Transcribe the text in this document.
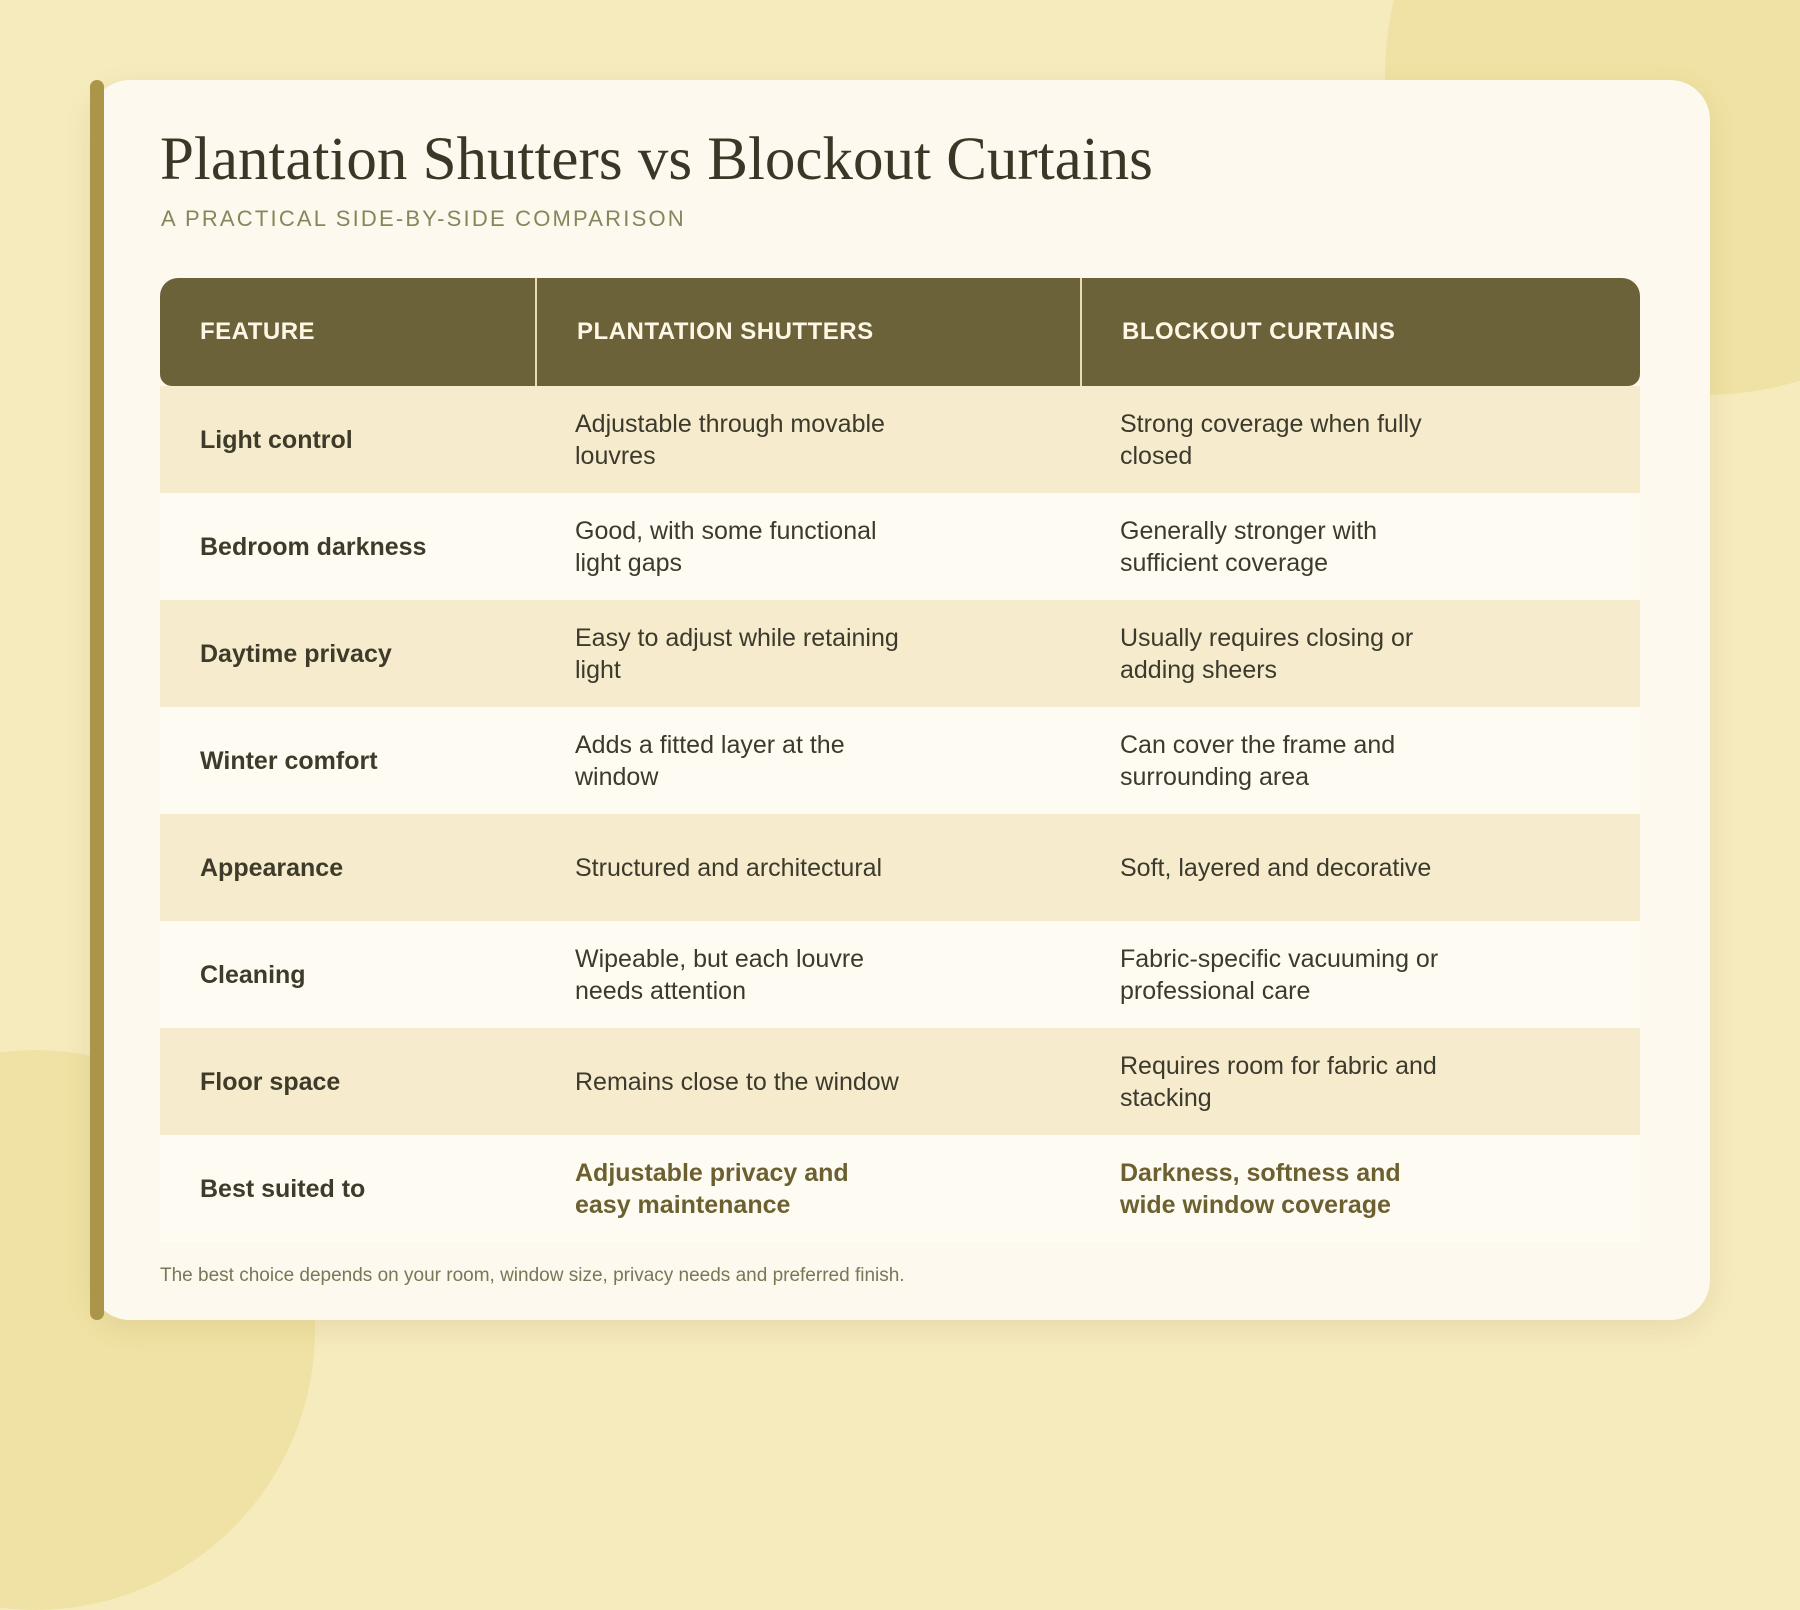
Plantation Shutters vs Blockout Curtains
A PRACTICAL SIDE-BY-SIDE COMPARISON
FEATURE	PLANTATION SHUTTERS	BLOCKOUT CURTAINS
Light control	Adjustable through movable louvres	Strong coverage when fully closed
Bedroom darkness	Good, with some functional light gaps	Generally stronger with sufficient coverage
Daytime privacy	Easy to adjust while retaining light	Usually requires closing or adding sheers
Winter comfort	Adds a fitted layer at the window	Can cover the frame and surrounding area
Appearance	Structured and architectural	Soft, layered and decorative
Cleaning	Wipeable, but each louvre needs attention	Fabric-specific vacuuming or professional care
Floor space	Remains close to the window	Requires room for fabric and stacking
Best suited to	Adjustable privacy and easy maintenance	Darkness, softness and wide window coverage
The best choice depends on your room, window size, privacy needs and preferred finish.
